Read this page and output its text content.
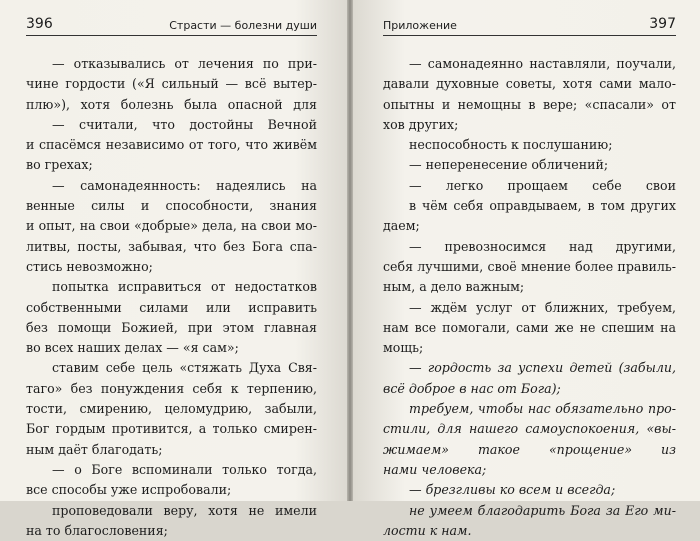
396	Страсти — болезни души
— отказывались от лечения по при-
чине гордости («Я сильный — всё вытер-
плю»), хотя болезнь была опасной для
— считали, что достойны Вечной
и спасёмся независимо от того, что живём
во грехах;
— самонадеянность: надеялись на
венные силы и способности, знания
и опыт, на свои «добрые» дела, на свои мо-
литвы, посты, забывая, что без Бога спа-
стись невозможно;
попытка исправиться от недостатков
собственными силами или исправить
без помощи Божией, при этом главная
во всех наших делах — «я сам»;
ставим себе цель «стяжать Духа Свя-
таго» без понуждения себя к терпению,
тости, смирению, целомудрию, забыли,
Бог гордым противится, а только смирен-
ным даёт благодать;
— о Боге вспоминали только тогда,
все способы уже испробовали;
проповедовали веру, хотя не имели
на то благословения;
Приложение	397
— самонадеянно наставляли, поучали,
давали духовные советы, хотя сами мало-
опытны и немощны в вере; «спасали» от
хов других;
неспособность к послушанию;
— неперенесение обличений;
— легко прощаем себе свои
в чём себя оправдываем, в том других
даем;
— превозносимся над другими,
себя лучшими, своё мнение более правиль-
ным, а дело важным;
— ждём услуг от ближних, требуем,
нам все помогали, сами же не спешим на
мощь;
— гордость за успехи детей (забыли,
всё доброе в нас от Бога);
требуем, чтобы нас обязательно про-
стили, для нашего самоуспокоения, «вы-
жимаем» такое «прощение» из
нами человека;
— брезгливы ко всем и всегда;
не умеем благодарить Бога за Его ми-
лости к нам.
